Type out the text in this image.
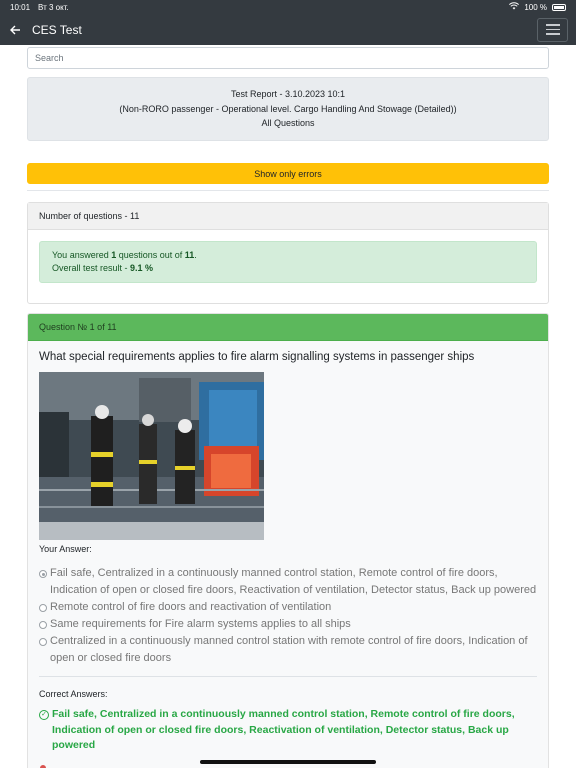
10:01 Вт 3 окт.	100 %
CES Test
Search
Test Report - 3.10.2023 10:1
(Non-RORO passenger - Operational level. Cargo Handling And Stowage (Detailed))
All Questions
Show only errors
Number of questions - 11
You answered 1 questions out of 11.
Overall test result - 9.1 %
Question № 1 of 11
What special requirements applies to fire alarm signalling systems in passenger ships
Your Answer:
Fail safe, Centralized in a continuously manned control station, Remote control of fire doors, Indication of open or closed fire doors, Reactivation of ventilation, Detector status, Back up powered
Remote control of fire doors and reactivation of ventilation
Same requirements for Fire alarm systems applies to all ships
Centralized in a continuously manned control station with remote control of fire doors, Indication of open or closed fire doors
Correct Answers:
✓ Fail safe, Centralized in a continuously manned control station, Remote control of fire doors, Indication of open or closed fire doors, Reactivation of ventilation, Detector status, Back up powered
